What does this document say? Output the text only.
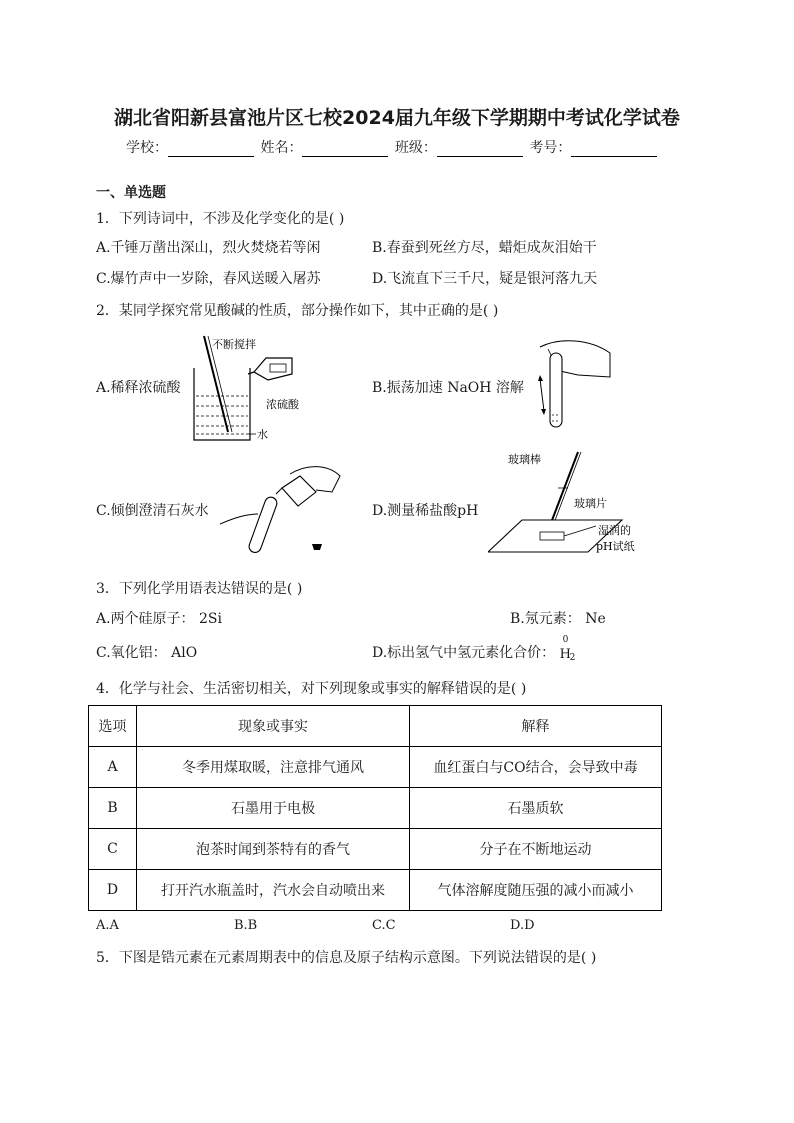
湖北省阳新县富池片区七校2024届九年级下学期期中考试化学试卷
学校：	姓名：	班级：	考号：
一、单选题
1．下列诗词中，不涉及化学变化的是( )
A.千锤万凿出深山，烈火焚烧若等闲	B.春蚕到死丝方尽，蜡炬成灰泪始干
C.爆竹声中一岁除，春风送暖入屠苏	D.飞流直下三千尺，疑是银河落九天
2．某同学探究常见酸碱的性质，部分操作如下，其中正确的是( )
A.稀释浓硫酸	B.振荡加速 NaOH 溶解
C.倾倒澄清石灰水	D.测量稀盐酸pH
不断搅拌
浓硫酸
水
玻璃棒
玻璃片
湿润的
pH试纸
3．下列化学用语表达错误的是( )
A.两个硅原子： 2Si	B.氖元素： Ne
C.氧化铝： AlO	D.标出氢气中氢元素化合价：
0
H
2
4．化学与社会、生活密切相关，对下列现象或事实的解释错误的是( )
选项	现象或事实	解释
A	冬季用煤取暖，注意排气通风	血红蛋白与CO结合，会导致中毒
B	石墨用于电极	石墨质软
C	泡茶时闻到茶特有的香气	分子在不断地运动
D	打开汽水瓶盖时，汽水会自动喷出来	气体溶解度随压强的减小而减小
A.A	B.B	C.C	D.D
5．下图是锆元素在元素周期表中的信息及原子结构示意图。下列说法错误的是( )
